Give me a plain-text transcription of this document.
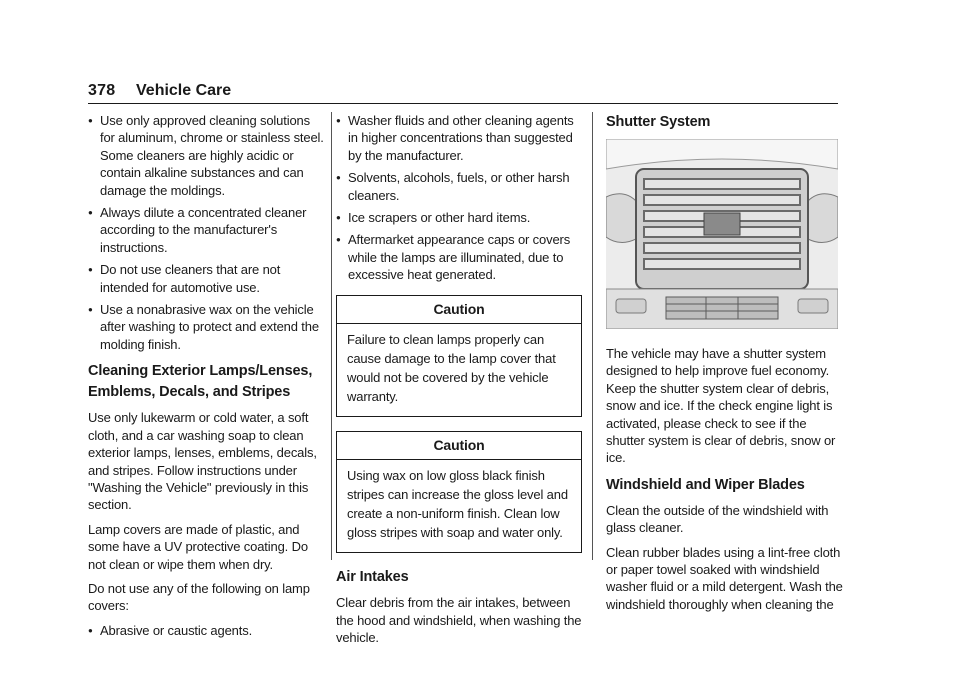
378 Vehicle Care
● Use only approved cleaning solutions for aluminum, chrome or stainless steel. Some cleaners are highly acidic or contain alkaline substances and can damage the moldings.
● Always dilute a concentrated cleaner according to the manufacturer's instructions.
● Do not use cleaners that are not intended for automotive use.
● Use a nonabrasive wax on the vehicle after washing to protect and extend the molding finish.
Cleaning Exterior Lamps/Lenses, Emblems, Decals, and Stripes

Use only lukewarm or cold water, a soft cloth, and a car washing soap to clean exterior lamps, lenses, emblems, decals, and stripes. Follow instructions under "Washing the Vehicle" previously in this section.

Lamp covers are made of plastic, and some have a UV protective coating. Do not clean or wipe them when dry.

Do not use any of the following on lamp covers:

● Abrasive or caustic agents.
● Washer fluids and other cleaning agents in higher concentrations than suggested by the manufacturer.
● Solvents, alcohols, fuels, or other harsh cleaners.
● Ice scrapers or other hard items.
● Aftermarket appearance caps or covers while the lamps are illuminated, due to excessive heat generated.
Caution
Failure to clean lamps properly can cause damage to the lamp cover that would not be covered by the vehicle warranty.
Caution
Using wax on low gloss black finish stripes can increase the gloss level and create a non-uniform finish. Clean low gloss stripes with soap and water only.
Air Intakes

Clear debris from the air intakes, between the hood and windshield, when washing the vehicle.

Shutter System

The vehicle may have a shutter system designed to help improve fuel economy. Keep the shutter system clear of debris, snow and ice. If the check engine light is activated, please check to see if the shutter system is clear of debris, snow or ice.

Windshield and Wiper Blades

Clean the outside of the windshield with glass cleaner.

Clean rubber blades using a lint-free cloth or paper towel soaked with windshield washer fluid or a mild detergent. Wash the windshield thoroughly when cleaning the
